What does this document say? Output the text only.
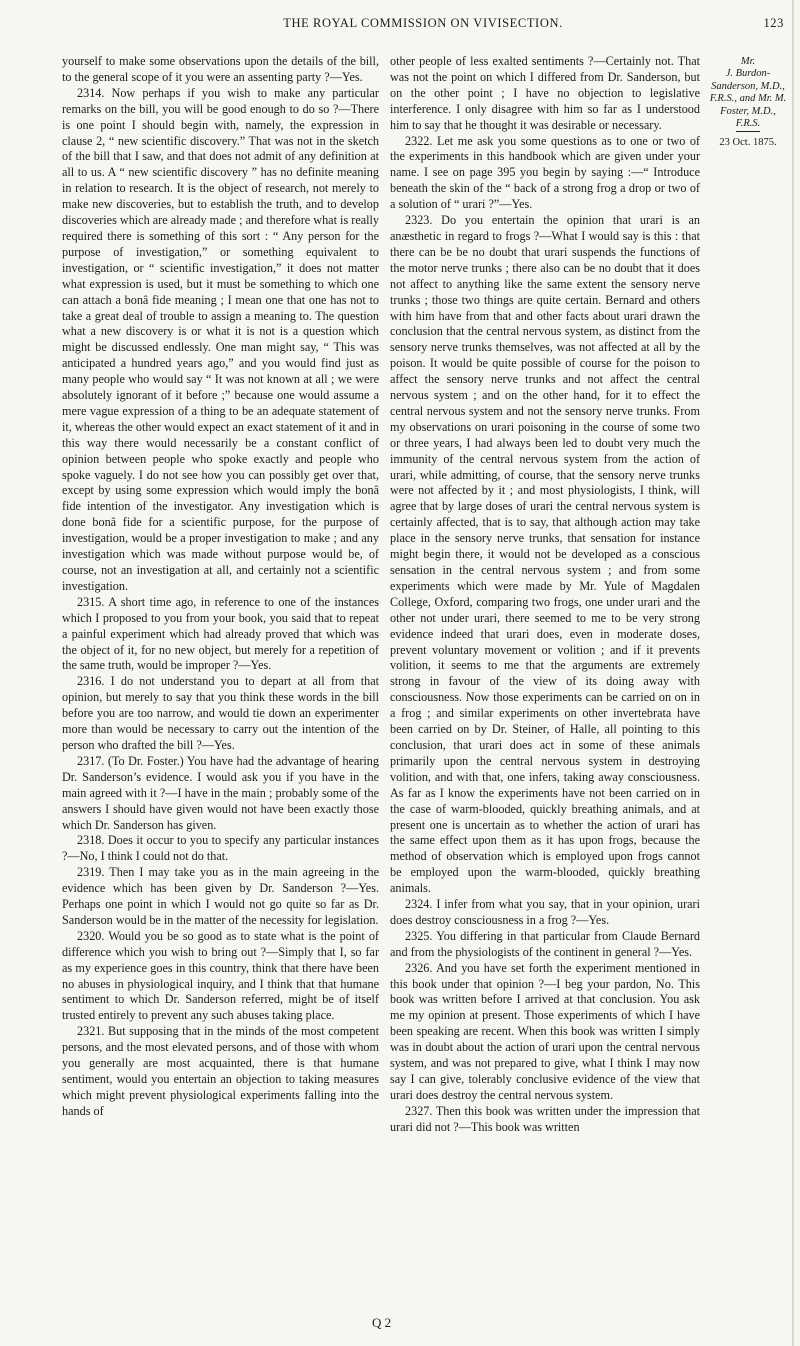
THE ROYAL COMMISSION ON VIVISECTION.	123

yourself to make some observations upon the details of the bill, to the general scope of it you were an assenting party ?—Yes.

2314. Now perhaps if you wish to make any particular remarks on the bill, you will be good enough to do so ?—There is one point I should begin with, namely, the expression in clause 2, “ new scientific discovery.” That was not in the sketch of the bill that I saw, and that does not admit of any definition at all to us. A “ new scientific discovery ” has no definite meaning in relation to research. It is the object of research, not merely to make new discoveries, but to establish the truth, and to develop discoveries which are already made ; and therefore what is really required there is something of this sort : “ Any person for the purpose of investigation,” or something equivalent to investigation, or “ scientific investigation,” it does not matter what expression is used, but it must be something to which one can attach a bonâ fide meaning ; I mean one that one has not to take a great deal of trouble to assign a meaning to. The question what a new discovery is or what it is not is a question which might be discussed endlessly. One man might say, “ This was anticipated a hundred years ago,” and you would find just as many people who would say “ It was not known at all ; we were absolutely ignorant of it before ;” because one would assume a mere vague expression of a thing to be an adequate statement of it, whereas the other would expect an exact statement of it and in this way there would necessarily be a constant conflict of opinion between people who spoke exactly and people who spoke vaguely. I do not see how you can possibly get over that, except by using some expression which would imply the bonâ fide intention of the investigator. Any investigation which is done bonâ fide for a scientific purpose, for the purpose of investigation, would be a proper investigation to make ; and any investigation which was made without purpose would be, of course, not an investigation at all, and certainly not a scientific investigation.

2315. A short time ago, in reference to one of the instances which I proposed to you from your book, you said that to repeat a painful experiment which had already proved that which was the object of it, for no new object, but merely for a repetition of the same truth, would be improper ?—Yes.

2316. I do not understand you to depart at all from that opinion, but merely to say that you think these words in the bill before you are too narrow, and would tie down an experimenter more than would be necessary to carry out the intention of the person who drafted the bill ?—Yes.

2317. (To Dr. Foster.) You have had the advantage of hearing Dr. Sanderson’s evidence. I would ask you if you have in the main agreed with it ?—I have in the main ; probably some of the answers I should have given would not have been exactly those which Dr. Sanderson has given.

2318. Does it occur to you to specify any particular instances ?—No, I think I could not do that.

2319. Then I may take you as in the main agreeing in the evidence which has been given by Dr. Sanderson ?—Yes. Perhaps one point in which I would not go quite so far as Dr. Sanderson would be in the matter of the necessity for legislation.

2320. Would you be so good as to state what is the point of difference which you wish to bring out ?—Simply that I, so far as my experience goes in this country, think that there have been no abuses in physiological inquiry, and I think that that humane sentiment to which Dr. Sanderson referred, might be of itself trusted entirely to prevent any such abuses taking place.

2321. But supposing that in the minds of the most competent persons, and the most elevated persons, and of those with whom you generally are most acquainted, there is that humane sentiment, would you entertain an objection to taking measures which might prevent physiological experiments falling into the hands of

other people of less exalted sentiments ?—Certainly not. That was not the point on which I differed from Dr. Sanderson, but on the other point ; I have no objection to legislative interference. I only disagree with him so far as I understood him to say that he thought it was desirable or necessary.

2322. Let me ask you some questions as to one or two of the experiments in this handbook which are given under your name. I see on page 395 you begin by saying :—“ Introduce beneath the skin of the “ back of a strong frog a drop or two of a solution of “ urari ?”—Yes.

2323. Do you entertain the opinion that urari is an anæsthetic in regard to frogs ?—What I would say is this : that there can be be no doubt that urari suspends the functions of the motor nerve trunks ; there also can be no doubt that it does not affect to anything like the same extent the sensory nerve trunks ; those two things are quite certain. Bernard and others with him have from that and other facts about urari drawn the conclusion that the central nervous system, as distinct from the sensory nerve trunks themselves, was not affected at all by the poison. It would be quite possible of course for the poison to affect the sensory nerve trunks and not affect the central nervous system ; and on the other hand, for it to effect the central nervous system and not the sensory nerve trunks. From my observations on urari poisoning in the course of some two or three years, I had always been led to doubt very much the immunity of the central nervous system from the action of urari, while admitting, of course, that the sensory nerve trunks were not affected by it ; and most physiologists, I think, will agree that by large doses of urari the central nervous system is certainly affected, that is to say, that although action may take place in the sensory nerve trunks, that sensation for instance might begin there, it would not be developed as a conscious sensation in the central nervous system ; and from some experiments which were made by Mr. Yule of Magdalen College, Oxford, comparing two frogs, one under urari and the other not under urari, there seemed to me to be very strong evidence indeed that urari does, even in moderate doses, prevent voluntary movement or volition ; and if it prevents volition, it seems to me that the arguments are extremely strong in favour of the view of its doing away with consciousness. Now those experiments can be carried on on in a frog ; and similar experiments on other invertebrata have been carried on by Dr. Steiner, of Halle, all pointing to this conclusion, that urari does act in some of these animals primarily upon the central nervous system in destroying volition, and with that, one infers, taking away consciousness. As far as I know the experiments have not been carried on in the case of warm-blooded, quickly breathing animals, and at present one is uncertain as to whether the action of urari has the same effect upon them as it has upon frogs, because the method of observation which is employed upon frogs cannot be employed upon the warm-blooded, quickly breathing animals.

2324. I infer from what you say, that in your opinion, urari does destroy consciousness in a frog ?—Yes.

2325. You differing in that particular from Claude Bernard and from the physiologists of the continent in general ?—Yes.

2326. And you have set forth the experiment mentioned in this book under that opinion ?—I beg your pardon, No. This book was written before I arrived at that conclusion. You ask me my opinion at present. Those experiments of which I have been speaking are recent. When this book was written I simply was in doubt about the action of urari upon the central nervous system, and was not prepared to give, what I think I may now say I can give, tolerably conclusive evidence of the view that urari does destroy the central nervous system.

2327. Then this book was written under the impression that urari did not ?—This book was written

Mr.
J. Burdon-Sanderson, M.D., F.R.S., and Mr. M. Foster, M.D., F.R.S.
23 Oct. 1875.
Q 2
